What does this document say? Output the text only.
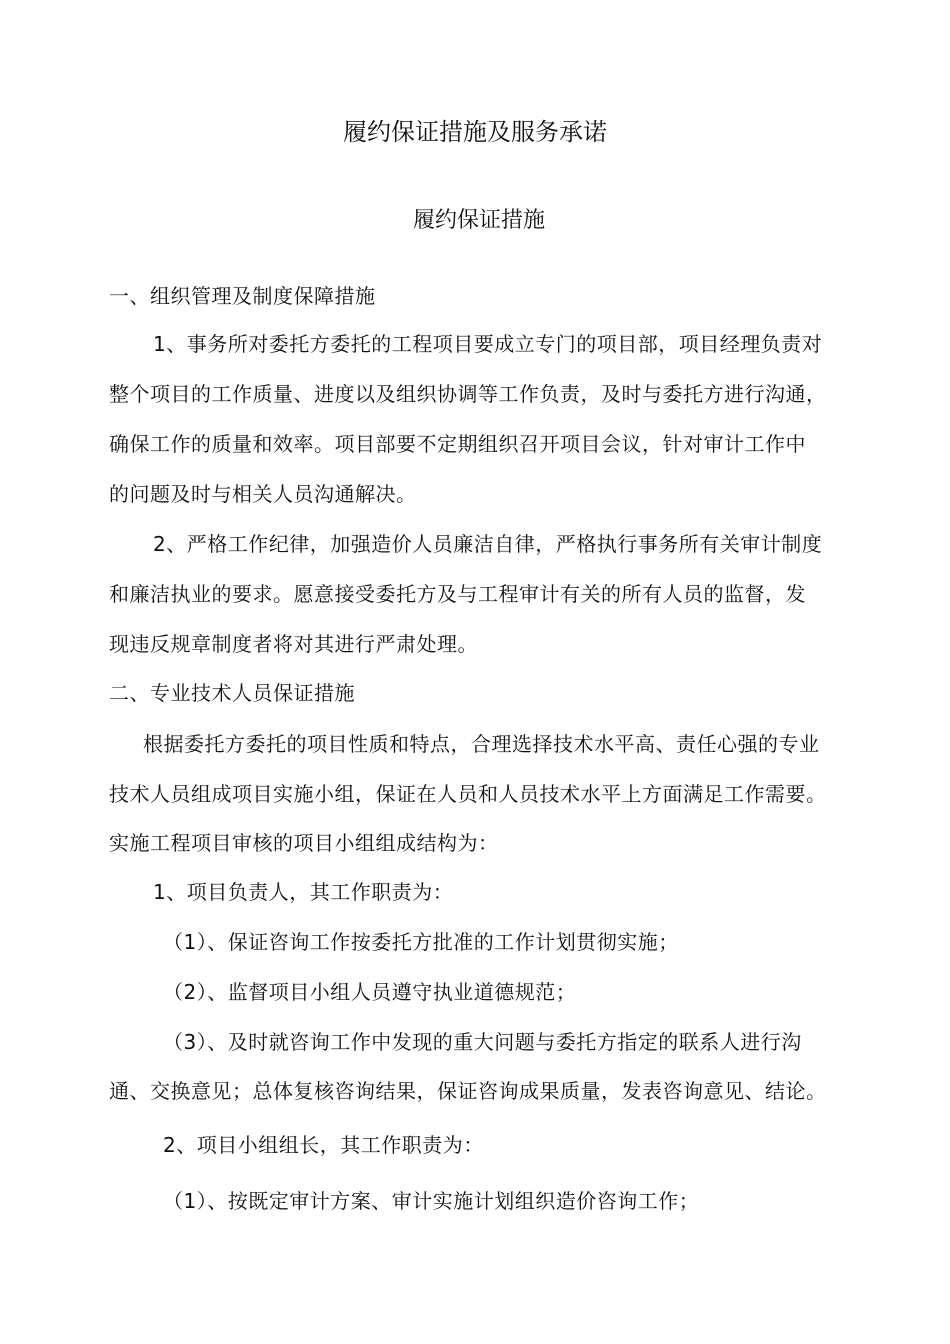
履约保证措施及服务承诺
履约保证措施
一、组织管理及制度保障措施
1、事务所对委托方委托的工程项目要成立专门的项目部，项目经理负责对
整个项目的工作质量、进度以及组织协调等工作负责，及时与委托方进行沟通，
确保工作的质量和效率。项目部要不定期组织召开项目会议，针对审计工作中
的问题及时与相关人员沟通解决。
2、严格工作纪律，加强造价人员廉洁自律，严格执行事务所有关审计制度
和廉洁执业的要求。愿意接受委托方及与工程审计有关的所有人员的监督，发
现违反规章制度者将对其进行严肃处理。
二、专业技术人员保证措施
根据委托方委托的项目性质和特点，合理选择技术水平高、责任心强的专业
技术人员组成项目实施小组，保证在人员和人员技术水平上方面满足工作需要。
实施工程项目审核的项目小组组成结构为：
1、项目负责人，其工作职责为：
（1）、保证咨询工作按委托方批准的工作计划贯彻实施；
（2）、监督项目小组人员遵守执业道德规范；
（3）、及时就咨询工作中发现的重大问题与委托方指定的联系人进行沟
通、交换意见；总体复核咨询结果，保证咨询成果质量，发表咨询意见、结论。
2、项目小组组长，其工作职责为：
（1）、按既定审计方案、审计实施计划组织造价咨询工作；
